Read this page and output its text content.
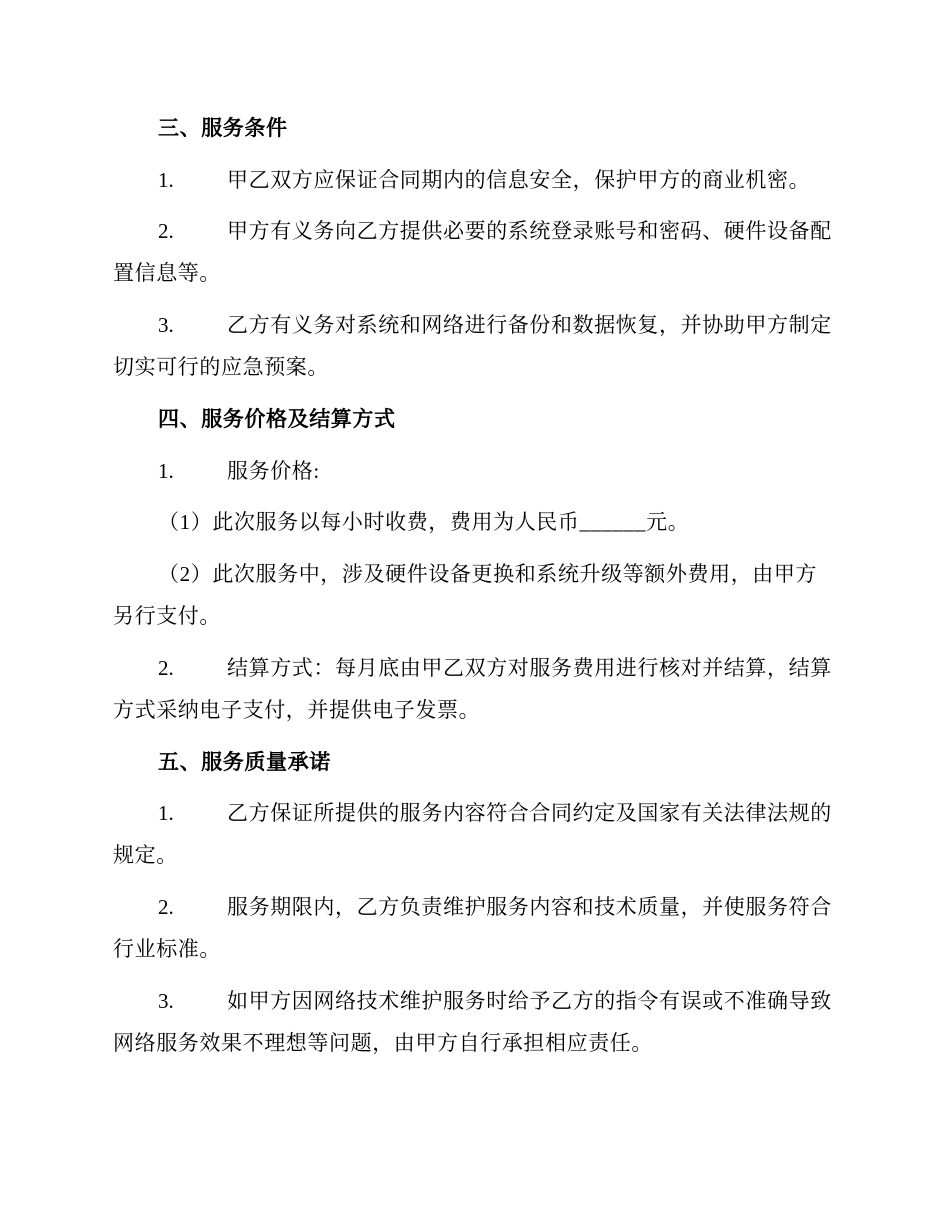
三、服务条件
1.	甲乙双方应保证合同期内的信息安全，保护甲方的商业机密。
2.	甲方有义务向乙方提供必要的系统登录账号和密码、硬件设备配
置信息等。
3.	乙方有义务对系统和网络进行备份和数据恢复，并协助甲方制定
切实可行的应急预案。
四、服务价格及结算方式
1.	服务价格:
（1）此次服务以每小时收费，费用为人民币______元。
（2）此次服务中，涉及硬件设备更换和系统升级等额外费用，由甲方
另行支付。
2.	结算方式：每月底由甲乙双方对服务费用进行核对并结算，结算
方式采纳电子支付，并提供电子发票。
五、服务质量承诺
1.	乙方保证所提供的服务内容符合合同约定及国家有关法律法规的
规定。
2.	服务期限内，乙方负责维护服务内容和技术质量，并使服务符合
行业标准。
3.	如甲方因网络技术维护服务时给予乙方的指令有误或不准确导致
网络服务效果不理想等问题，由甲方自行承担相应责任。
